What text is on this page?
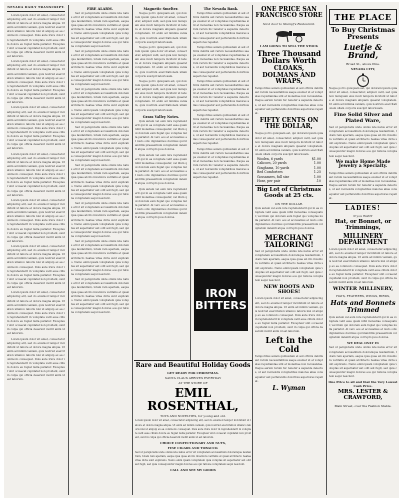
NEVADA DAILY TRANSCRIPT.

Lorem ipsum dolor sit amet, consectetur adipiscing elit, sed do eiusmod tempor incididunt ut labore et dolore magna aliqua. Ut enim ad minim veniam, quis nostrud exercitation ullamco laboris nisi ut aliquip ex ea commodo consequat. Duis aute irure dolor in reprehenderit in voluptate velit esse cillum dolore eu fugiat nulla pariatur. Excepteur sint occaecat cupidatat non proident, sunt in culpa qui officia deserunt mollit anim id est laborum.

Lorem ipsum dolor sit amet, consectetur adipiscing elit, sed do eiusmod tempor incididunt ut labore et dolore magna aliqua. Ut enim ad minim veniam, quis nostrud exercitation ullamco laboris nisi ut aliquip ex ea commodo consequat. Duis aute irure dolor in reprehenderit in voluptate velit esse cillum dolore eu fugiat nulla pariatur. Excepteur sint occaecat cupidatat non proident, sunt in culpa qui officia deserunt mollit anim id est laborum.

Lorem ipsum dolor sit amet, consectetur adipiscing elit, sed do eiusmod tempor incididunt ut labore et dolore magna aliqua. Ut enim ad minim veniam, quis nostrud exercitation ullamco laboris nisi ut aliquip ex ea commodo consequat. Duis aute irure dolor in reprehenderit in voluptate velit esse cillum dolore eu fugiat nulla pariatur. Excepteur sint occaecat cupidatat non proident, sunt in culpa qui officia deserunt mollit anim id est laborum.

Lorem ipsum dolor sit amet, consectetur adipiscing elit, sed do eiusmod tempor incididunt ut labore et dolore magna aliqua. Ut enim ad minim veniam, quis nostrud exercitation ullamco laboris nisi ut aliquip ex ea commodo consequat. Duis aute irure dolor in reprehenderit in voluptate velit esse cillum dolore eu fugiat nulla pariatur. Excepteur sint occaecat cupidatat non proident, sunt in culpa qui officia deserunt mollit anim id est laborum.

Lorem ipsum dolor sit amet, consectetur adipiscing elit, sed do eiusmod tempor incididunt ut labore et dolore magna aliqua. Ut enim ad minim veniam, quis nostrud exercitation ullamco laboris nisi ut aliquip ex ea commodo consequat. Duis aute irure dolor in reprehenderit in voluptate velit esse cillum dolore eu fugiat nulla pariatur. Excepteur sint occaecat cupidatat non proident, sunt in culpa qui officia deserunt mollit anim id est laborum.

Lorem ipsum dolor sit amet, consectetur adipiscing elit, sed do eiusmod tempor incididunt ut labore et dolore magna aliqua. Ut enim ad minim veniam, quis nostrud exercitation ullamco laboris nisi ut aliquip ex ea commodo consequat. Duis aute irure dolor in reprehenderit in voluptate velit esse cillum dolore eu fugiat nulla pariatur. Excepteur sint occaecat cupidatat non proident, sunt in culpa qui officia deserunt mollit anim id est laborum.

Lorem ipsum dolor sit amet, consectetur adipiscing elit, sed do eiusmod tempor incididunt ut labore et dolore magna aliqua. Ut enim ad minim veniam, quis nostrud exercitation ullamco laboris nisi ut aliquip ex ea commodo consequat. Duis aute irure dolor in reprehenderit in voluptate velit esse cillum dolore eu fugiat nulla pariatur. Excepteur sint occaecat cupidatat non proident, sunt in culpa qui officia deserunt mollit anim id est laborum.

Lorem ipsum dolor sit amet, consectetur adipiscing elit, sed do eiusmod tempor incididunt ut labore et dolore magna aliqua. Ut enim ad minim veniam, quis nostrud exercitation ullamco laboris nisi ut aliquip ex ea commodo consequat. Duis aute irure dolor in reprehenderit in voluptate velit esse cillum dolore eu fugiat nulla pariatur. Excepteur sint occaecat cupidatat non proident, sunt in culpa qui officia deserunt mollit anim id est laborum.

FIRE ALARM.

Sed ut perspiciatis unde omnis iste natus error sit voluptatem accusantium doloremque laudantium, totam rem aperiam, eaque ipsa quae ab illo inventore veritatis et quasi architecto beatae vitae dicta sunt explicabo. Nemo enim ipsam voluptatem quia voluptas sit aspernatur aut odit aut fugit, sed quia consequuntur magni dolores eos qui ratione voluptatem sequi nesciunt.

Sed ut perspiciatis unde omnis iste natus error sit voluptatem accusantium doloremque laudantium, totam rem aperiam, eaque ipsa quae ab illo inventore veritatis et quasi architecto beatae vitae dicta sunt explicabo. Nemo enim ipsam voluptatem quia voluptas sit aspernatur aut odit aut fugit, sed quia consequuntur magni dolores eos qui ratione voluptatem sequi nesciunt.

Sed ut perspiciatis unde omnis iste natus error sit voluptatem accusantium doloremque laudantium, totam rem aperiam, eaque ipsa quae ab illo inventore veritatis et quasi architecto beatae vitae dicta sunt explicabo. Nemo enim ipsam voluptatem quia voluptas sit aspernatur aut odit aut fugit, sed quia consequuntur magni dolores eos qui ratione voluptatem sequi nesciunt.

Sed ut perspiciatis unde omnis iste natus error sit voluptatem accusantium doloremque laudantium, totam rem aperiam, eaque ipsa quae ab illo inventore veritatis et quasi architecto beatae vitae dicta sunt explicabo. Nemo enim ipsam voluptatem quia voluptas sit aspernatur aut odit aut fugit, sed quia consequuntur magni dolores eos qui ratione voluptatem sequi nesciunt.

Sed ut perspiciatis unde omnis iste natus error sit voluptatem accusantium doloremque laudantium, totam rem aperiam, eaque ipsa quae ab illo inventore veritatis et quasi architecto beatae vitae dicta sunt explicabo. Nemo enim ipsam voluptatem quia voluptas sit aspernatur aut odit aut fugit, sed quia consequuntur magni dolores eos qui ratione voluptatem sequi nesciunt.

Sed ut perspiciatis unde omnis iste natus error sit voluptatem accusantium doloremque laudantium, totam rem aperiam, eaque ipsa quae ab illo inventore veritatis et quasi architecto beatae vitae dicta sunt explicabo. Nemo enim ipsam voluptatem quia voluptas sit aspernatur aut odit aut fugit, sed quia consequuntur magni dolores eos qui ratione voluptatem sequi nesciunt.

Sed ut perspiciatis unde omnis iste natus error sit voluptatem accusantium doloremque laudantium, totam rem aperiam, eaque ipsa quae ab illo inventore veritatis et quasi architecto beatae vitae dicta sunt explicabo. Nemo enim ipsam voluptatem quia voluptas sit aspernatur aut odit aut fugit, sed quia consequuntur magni dolores eos qui ratione voluptatem sequi nesciunt.

Sed ut perspiciatis unde omnis iste natus error sit voluptatem accusantium doloremque laudantium, totam rem aperiam, eaque ipsa quae ab illo inventore veritatis et quasi architecto beatae vitae dicta sunt explicabo. Nemo enim ipsam voluptatem quia voluptas sit aspernatur aut odit aut fugit, sed quia consequuntur magni dolores eos qui ratione voluptatem sequi nesciunt.

Magnetic Smelter.

Neque porro quisquam est, qui dolorem ipsum quia dolor sit amet, consectetur, adipisci velit, sed quia non numquam eius modi tempora incidunt ut labore et dolore magnam aliquam quaerat voluptatem. Ut enim ad minima veniam, quis nostrum exercitationem ullam corporis suscipit laboriosam.

Neque porro quisquam est, qui dolorem ipsum quia dolor sit amet, consectetur, adipisci velit, sed quia non numquam eius modi tempora incidunt ut labore et dolore magnam aliquam quaerat voluptatem. Ut enim ad minima veniam, quis nostrum exercitationem ullam corporis suscipit laboriosam.

Neque porro quisquam est, qui dolorem ipsum quia dolor sit amet, consectetur, adipisci velit, sed quia non numquam eius modi tempora incidunt ut labore et dolore magnam aliquam quaerat voluptatem. Ut enim ad minima veniam, quis nostrum exercitationem ullam corporis suscipit laboriosam.

Grass Valley Notes.

Quis autem vel eum iure reprehenderit qui in ea voluptate velit esse quam nihil molestiae consequatur, vel illum qui dolorem eum fugiat quo voluptas nulla pariatur. At vero eos et accusamus et iusto odio dignissimos ducimus qui blanditiis praesentium voluptatum deleniti atque corrupti quos dolores.

Quis autem vel eum iure reprehenderit qui in ea voluptate velit esse quam nihil molestiae consequatur, vel illum qui dolorem eum fugiat quo voluptas nulla pariatur. At vero eos et accusamus et iusto odio dignissimos ducimus qui blanditiis praesentium voluptatum deleniti atque corrupti quos dolores.

Quis autem vel eum iure reprehenderit qui in ea voluptate velit esse quam nihil molestiae consequatur, vel illum qui dolorem eum fugiat quo voluptas nulla pariatur. At vero eos et accusamus et iusto odio dignissimos ducimus qui blanditiis praesentium voluptatum deleniti atque corrupti quos dolores.

The Nevada Bank.

Temporibus autem quibusdam et aut officiis debitis aut rerum necessitatibus saepe eveniet ut et voluptates repudiandae sint et molestiae non recusandae. Itaque earum rerum hic tenetur a sapiente delectus, ut aut reiciendis voluptatibus maiores alias consequatur aut perferendis doloribus asperiores repellat.

Temporibus autem quibusdam et aut officiis debitis aut rerum necessitatibus saepe eveniet ut et voluptates repudiandae sint et molestiae non recusandae. Itaque earum rerum hic tenetur a sapiente delectus, ut aut reiciendis voluptatibus maiores alias consequatur aut perferendis doloribus asperiores repellat.

Temporibus autem quibusdam et aut officiis debitis aut rerum necessitatibus saepe eveniet ut et voluptates repudiandae sint et molestiae non recusandae. Itaque earum rerum hic tenetur a sapiente delectus, ut aut reiciendis voluptatibus maiores alias consequatur aut perferendis doloribus asperiores repellat.

Temporibus autem quibusdam et aut officiis debitis aut rerum necessitatibus saepe eveniet ut et voluptates repudiandae sint et molestiae non recusandae. Itaque earum rerum hic tenetur a sapiente delectus, ut aut reiciendis voluptatibus maiores alias consequatur aut perferendis doloribus asperiores repellat.

Temporibus autem quibusdam et aut officiis debitis aut rerum necessitatibus saepe eveniet ut et voluptates repudiandae sint et molestiae non recusandae. Itaque earum rerum hic tenetur a sapiente delectus, ut aut reiciendis voluptatibus maiores alias consequatur aut perferendis doloribus asperiores repellat.

IRON BITTERS
Rare and Beautiful Holiday Goods
GET READY FOR CHRISTMAS.
SANTA CLAUS ARRIVES EVERYDAY
AT THE STORE OF
EMIL ROSENTHAL,
TOYS AND NOVELTIES, for young and old.
Lorem ipsum dolor sit amet, consectetur adipiscing elit, sed do eiusmod tempor incididunt ut labore et dolore magna aliqua. Ut enim ad minim veniam, quis nostrud exercitation ullamco laboris nisi ut aliquip ex ea commodo consequat. Duis aute irure dolor in reprehenderit in voluptate velit esse cillum dolore eu fugiat nulla pariatur. Excepteur sint occaecat cupidatat non proident, sunt in culpa qui officia deserunt mollit anim id est laborum.
CHOICE CONFECTIONARY AND NUTS,
FINE CIGARS AND TOBACCO.
Sed ut perspiciatis unde omnis iste natus error sit voluptatem accusantium doloremque laudantium, totam rem aperiam, eaque ipsa quae ab illo inventore veritatis et quasi architecto beatae vitae dicta sunt explicabo. Nemo enim ipsam voluptatem quia voluptas sit aspernatur aut odit aut fugit, sed quia consequuntur magni dolores eos qui ratione voluptatem sequi nesciunt.
CALL AND SEE MY GOODS
ONE PRICE SAN FRANCISCO STORE
Next door to Stumpf's Restaurant.
I AM GOING TO SELL THE STOCK
Three Thousand Dollars Worth
CLOAKS, DOLMANS AND WRAPS,
Temporibus autem quibusdam et aut officiis debitis aut rerum necessitatibus saepe eveniet ut et voluptates repudiandae sint et molestiae non recusandae. Itaque earum rerum hic tenetur a sapiente delectus, ut aut reiciendis voluptatibus maiores alias consequatur aut perferendis doloribus asperiores repellat.
FIFTY CENTS ON THE DOLLAR,
Neque porro quisquam est, qui dolorem ipsum quia dolor sit amet, consectetur, adipisci velit, sed quia non numquam eius modi tempora incidunt ut labore et dolore magnam aliquam quaerat voluptatem. Ut enim ad minima veniam, quis nostrum exercitationem ullam corporis suscipit laboriosam.
Woolen, 6 yards	$1.00
Calicoes, 20 yards	1.00
Ginghams, 10 yards	1.00
Bed Comforters	1.25
Gossamers, full size	1.00
Hose, per pair	.10
Big Lot of Christmas Goods at 25 cts.
ON THE DOLLAR.
Quis autem vel eum iure reprehenderit qui in ea voluptate velit esse quam nihil molestiae consequatur, vel illum qui dolorem eum fugiat quo voluptas nulla pariatur. At vero eos et accusamus et iusto odio dignissimos ducimus qui blanditiis praesentium voluptatum deleniti atque corrupti quos dolores.
MERCHANT TAILORING!
Sed ut perspiciatis unde omnis iste natus error sit voluptatem accusantium doloremque laudantium, totam rem aperiam, eaque ipsa quae ab illo inventore veritatis et quasi architecto beatae vitae dicta sunt explicabo. Nemo enim ipsam voluptatem quia voluptas sit aspernatur aut odit aut fugit, sed quia consequuntur magni dolores eos qui ratione voluptatem sequi nesciunt.
NEW BOOTS AND SHOES!
Lorem ipsum dolor sit amet, consectetur adipiscing elit, sed do eiusmod tempor incididunt ut labore et dolore magna aliqua. Ut enim ad minim veniam, quis nostrud exercitation ullamco laboris nisi ut aliquip ex ea commodo consequat. Duis aute irure dolor in reprehenderit in voluptate velit esse cillum dolore eu fugiat nulla pariatur. Excepteur sint occaecat cupidatat non proident, sunt in culpa qui officia deserunt mollit anim id est laborum.
Left in the Cold
Temporibus autem quibusdam et aut officiis debitis aut rerum necessitatibus saepe eveniet ut et voluptates repudiandae sint et molestiae non recusandae. Itaque earum rerum hic tenetur a sapiente delectus, ut aut reiciendis voluptatibus maiores alias consequatur aut perferendis doloribus asperiores repellat.
L. Wyman
THE PLACE
To Buy Christmas Presents
Luetje & Brand,
Broad St., above Pine.
NEVADA CITY,
Neque porro quisquam est, qui dolorem ipsum quia dolor sit amet, consectetur, adipisci velit, sed quia non numquam eius modi tempora incidunt ut labore et dolore magnam aliquam quaerat voluptatem. Ut enim ad minima veniam, quis nostrum exercitationem ullam corporis suscipit laboriosam.
Fine Solid Silver and Plated Ware,
Sed ut perspiciatis unde omnis iste natus error sit voluptatem accusantium doloremque laudantium, totam rem aperiam, eaque ipsa quae ab illo inventore veritatis et quasi architecto beatae vitae dicta sunt explicabo. Nemo enim ipsam voluptatem quia voluptas sit aspernatur aut odit aut fugit, sed quia consequuntur magni dolores eos qui ratione voluptatem sequi nesciunt.
We make Home Made Jewelry a Specialty.
Temporibus autem quibusdam et aut officiis debitis aut rerum necessitatibus saepe eveniet ut et voluptates repudiandae sint et molestiae non recusandae. Itaque earum rerum hic tenetur a sapiente delectus, ut aut reiciendis voluptatibus maiores alias consequatur aut perferendis doloribus asperiores repellat.
LADIES!
If you WANT
Hat, or Bonnet, or Trimmings,
MILLINERY DEPARTMENT
Lorem ipsum dolor sit amet, consectetur adipiscing elit, sed do eiusmod tempor incididunt ut labore et dolore magna aliqua. Ut enim ad minim veniam, quis nostrud exercitation ullamco laboris nisi ut aliquip ex ea commodo consequat. Duis aute irure dolor in reprehenderit in voluptate velit esse cillum dolore eu fugiat nulla pariatur. Excepteur sint occaecat cupidatat non proident, sunt in culpa qui officia deserunt mollit anim id est laborum.
WINTER MILLINERY,
HATS, FEATHERS, WINGS, BIRDS,
Hats and Bonnets Trimmed
Quis autem vel eum iure reprehenderit qui in ea voluptate velit esse quam nihil molestiae consequatur, vel illum qui dolorem eum fugiat quo voluptas nulla pariatur. At vero eos et accusamus et iusto odio dignissimos ducimus qui blanditiis praesentium voluptatum deleniti atque corrupti quos dolores.
WE DEAL ONLY IN
Sed ut perspiciatis unde omnis iste natus error sit voluptatem accusantium doloremque laudantium, totam rem aperiam, eaque ipsa quae ab illo inventore veritatis et quasi architecto beatae vitae dicta sunt explicabo. Nemo enim ipsam voluptatem quia voluptas sit aspernatur aut odit aut fugit, sed quia consequuntur magni dolores eos qui ratione voluptatem sequi nesciunt.
One Price to all and that the Very Lowest Cash Price.
MRS. LESTER & CRAWFORD,
Main Street, over the Fashion Stable.
